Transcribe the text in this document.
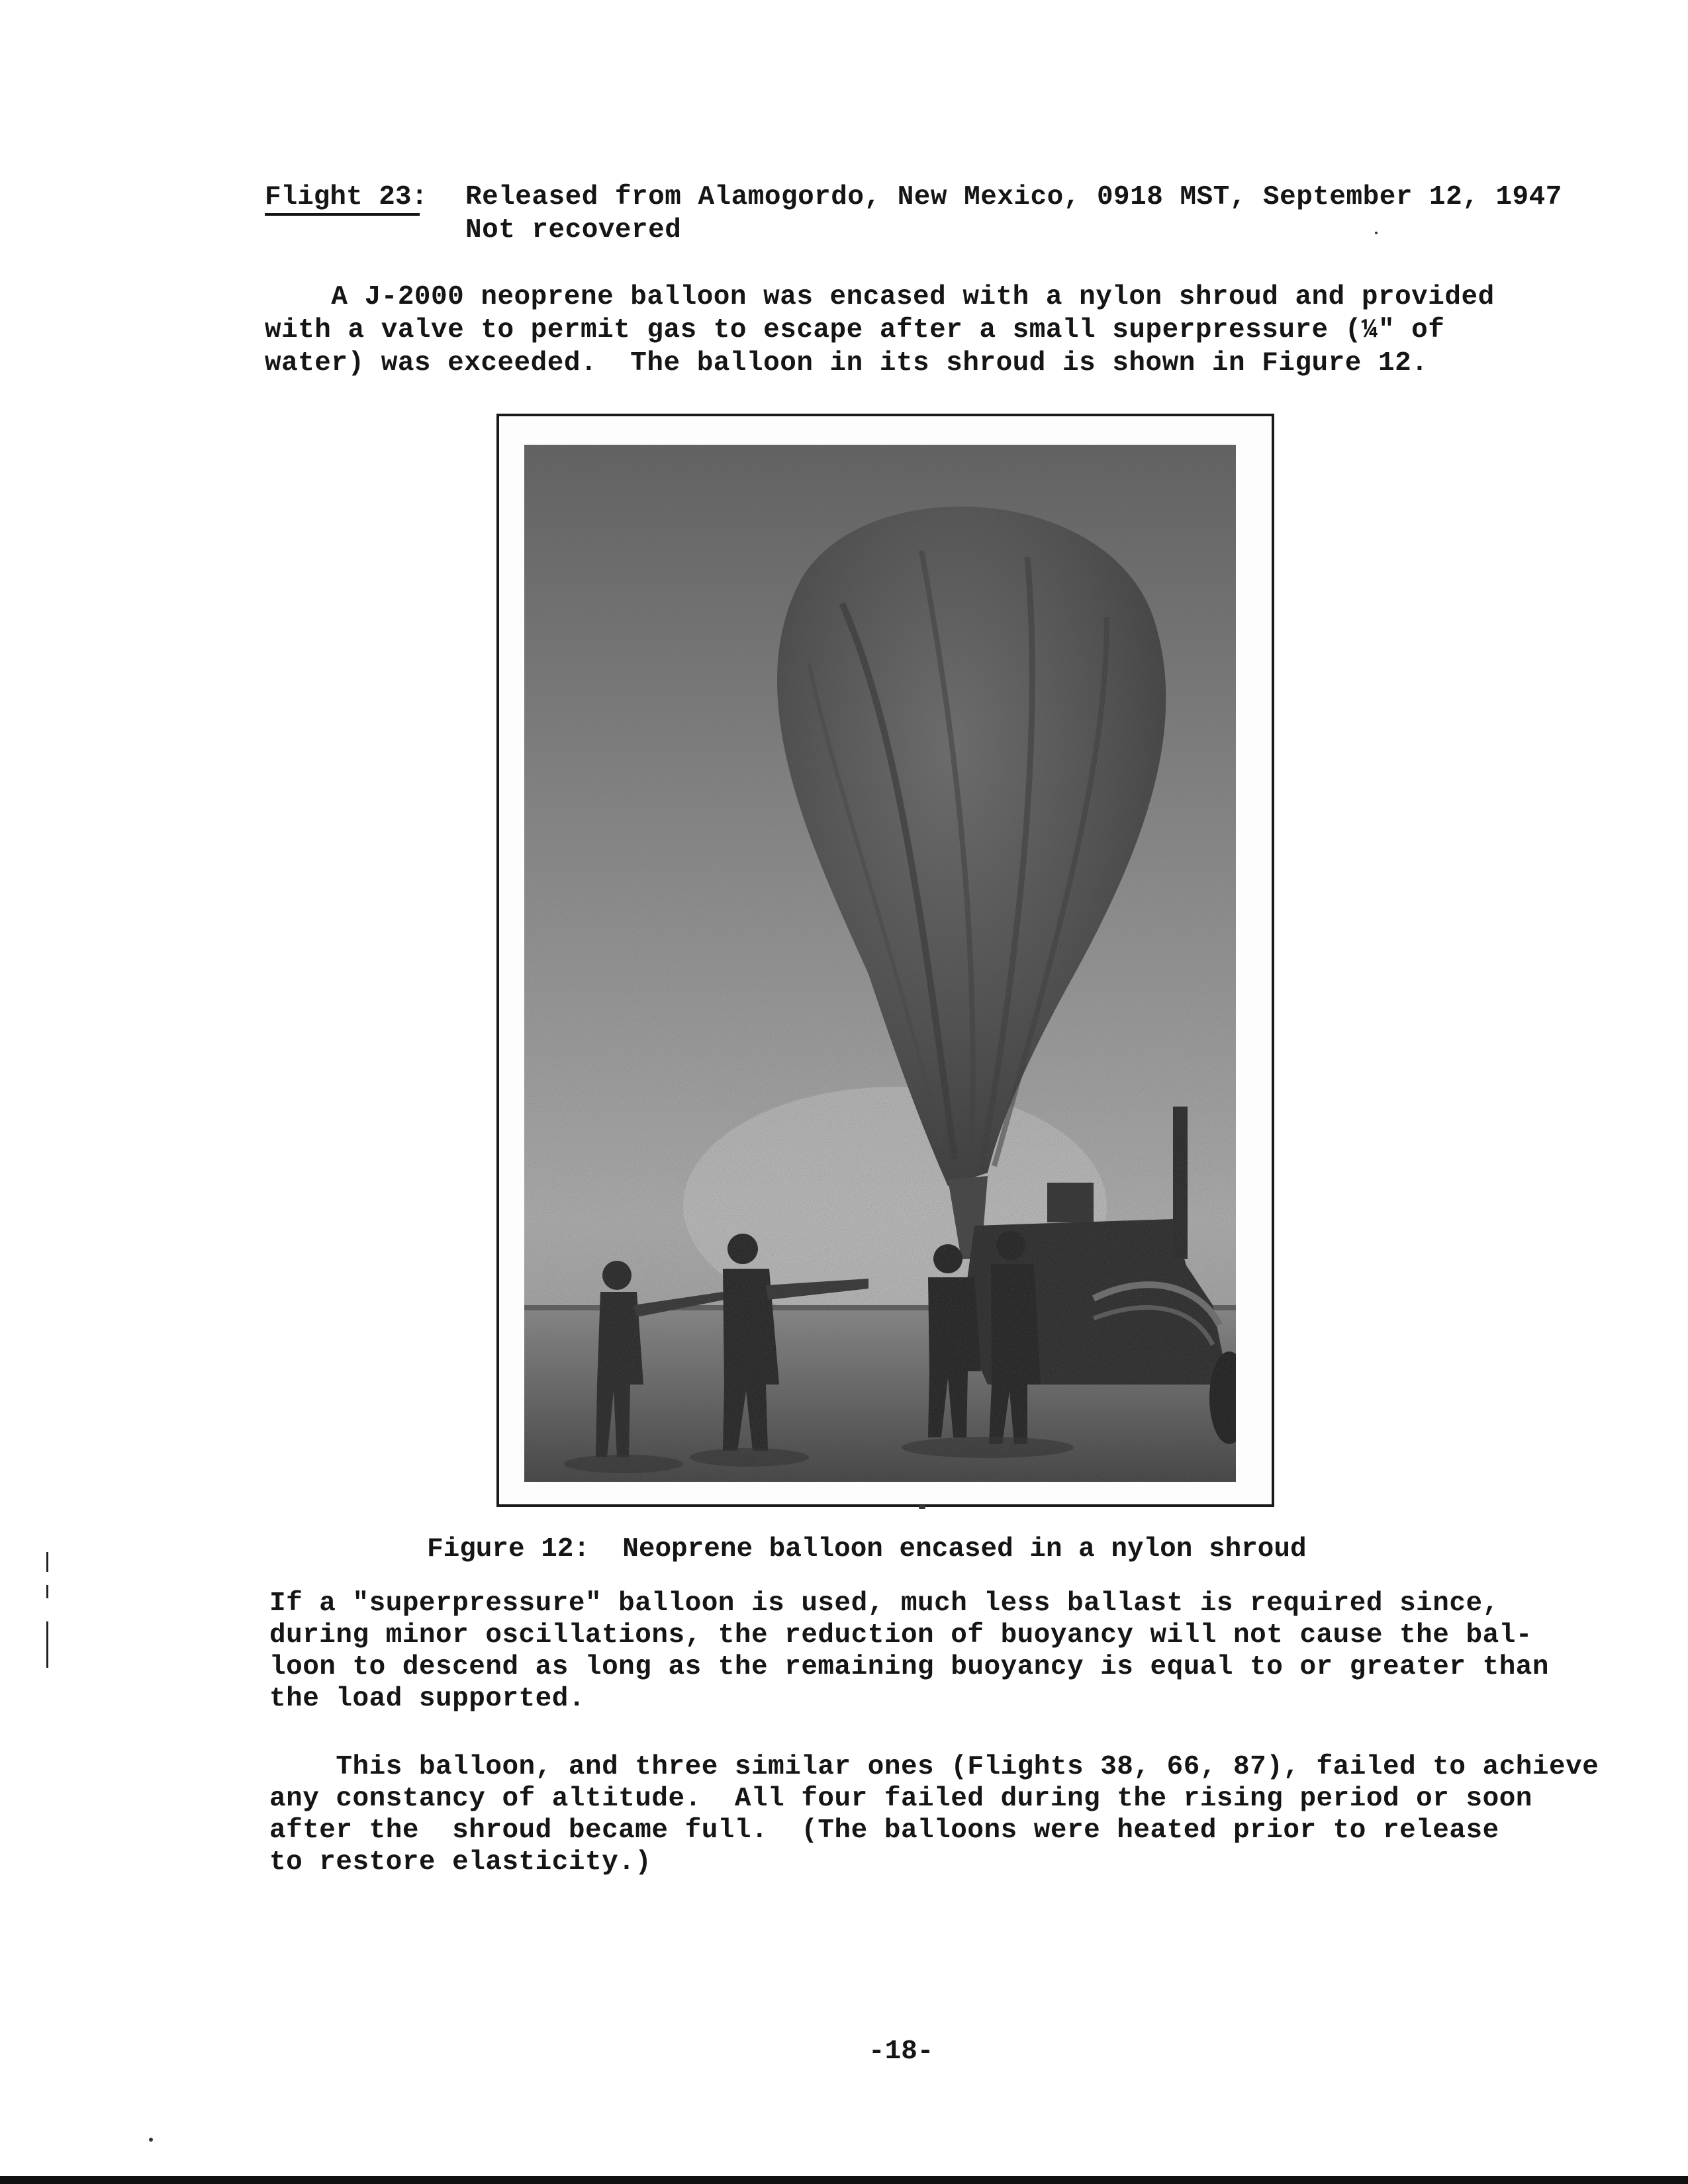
Flight 23: Released from Alamogordo, New Mexico, 0918 MST, September 12, 1947
Not recovered
A J-2000 neoprene balloon was encased with a nylon shroud and provided
with a valve to permit gas to escape after a small superpressure (¼" of
water) was exceeded.  The balloon in its shroud is shown in Figure 12.
Figure 12:  Neoprene balloon encased in a nylon shroud
If a "superpressure" balloon is used, much less ballast is required since,
during minor oscillations, the reduction of buoyancy will not cause the bal-
loon to descend as long as the remaining buoyancy is equal to or greater than
the load supported.
This balloon, and three similar ones (Flights 38, 66, 87), failed to achieve
any constancy of altitude.  All four failed during the rising period or soon
after the  shroud became full.  (The balloons were heated prior to release
to restore elasticity.)
-18-
